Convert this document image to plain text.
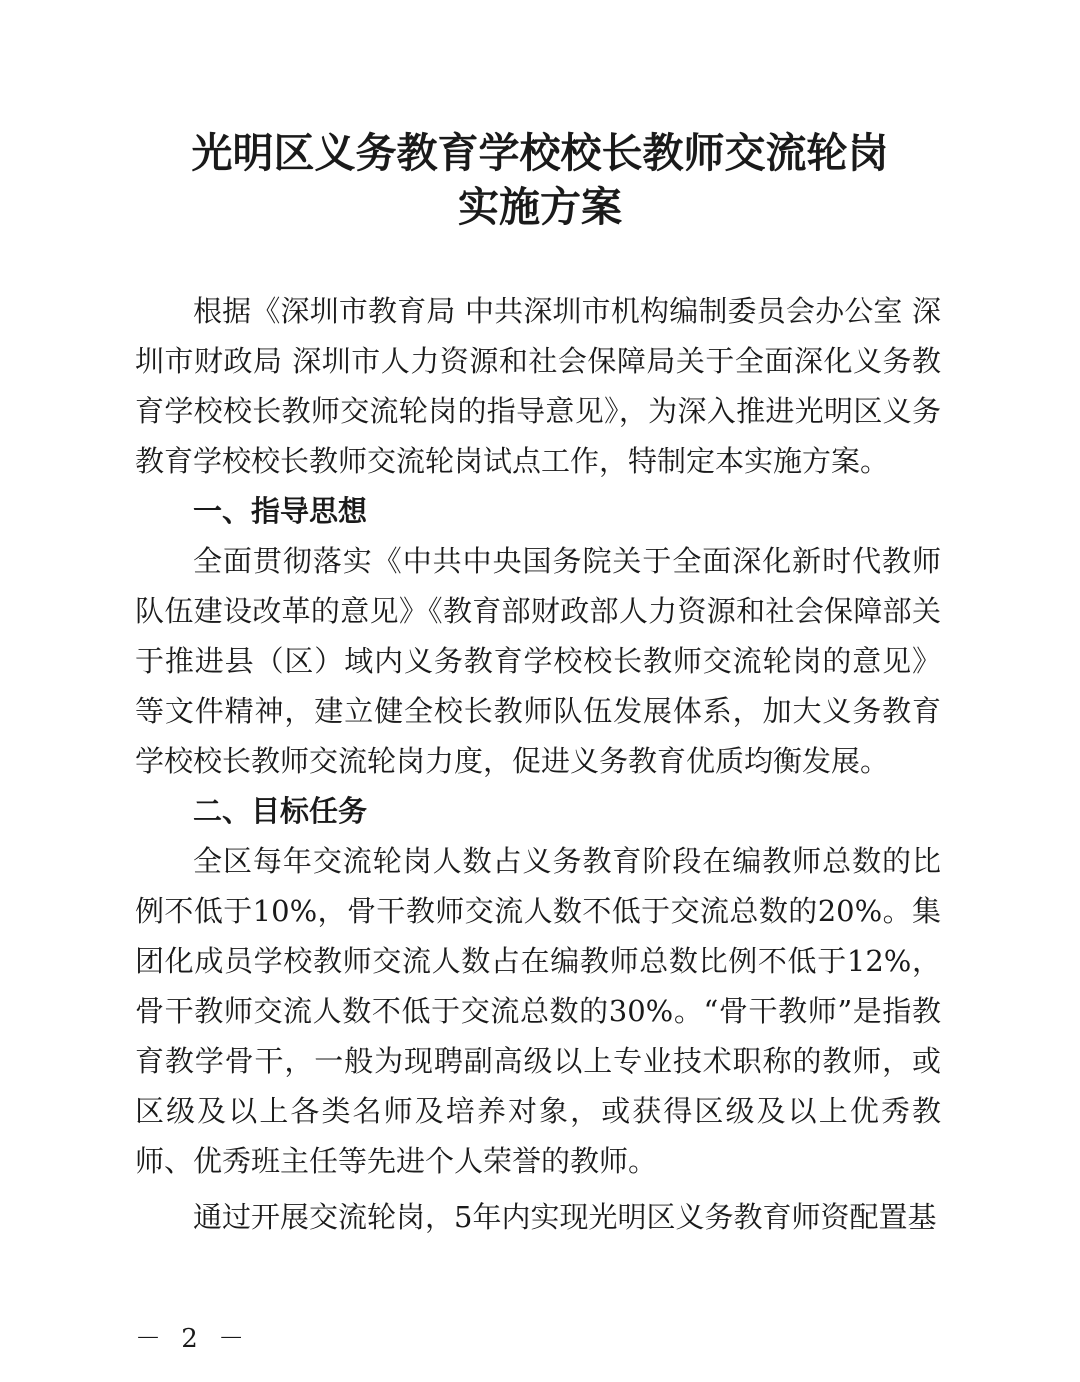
光明区义务教育学校校长教师交流轮岗
实施方案

根据《深圳市教育局 中共深圳市机构编制委员会办公室 深圳市财政局 深圳市人力资源和社会保障局关于全面深化义务教育学校校长教师交流轮岗的指导意见》，为深入推进光明区义务教育学校校长教师交流轮岗试点工作，特制定本实施方案。

一、指导思想

全面贯彻落实《中共中央国务院关于全面深化新时代教师队伍建设改革的意见》《教育部财政部人力资源和社会保障部关于推进县（区）域内义务教育学校校长教师交流轮岗的意见》等文件精神，建立健全校长教师队伍发展体系，加大义务教育学校校长教师交流轮岗力度，促进义务教育优质均衡发展。

二、目标任务

全区每年交流轮岗人数占义务教育阶段在编教师总数的比例不低于10%，骨干教师交流人数不低于交流总数的20%。集团化成员学校教师交流人数占在编教师总数比例不低于12%，骨干教师交流人数不低于交流总数的30%。“骨干教师”是指教育教学骨干，一般为现聘副高级以上专业技术职称的教师，或区级及以上各类名师及培养对象，或获得区级及以上优秀教师、优秀班主任等先进个人荣誉的教师。

通过开展交流轮岗，5年内实现光明区义务教育师资配置基

－ 2 －
